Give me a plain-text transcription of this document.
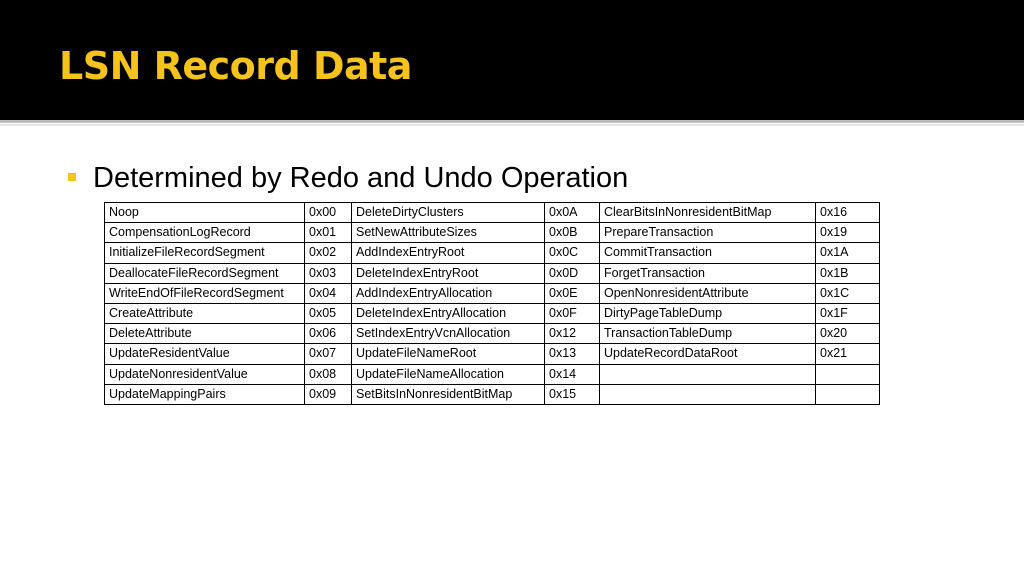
LSN Record Data
Determined by Redo and Undo Operation
Noop	0x00	DeleteDirtyClusters	0x0A	ClearBitsInNonresidentBitMap	0x16
CompensationLogRecord	0x01	SetNewAttributeSizes	0x0B	PrepareTransaction	0x19
InitializeFileRecordSegment	0x02	AddIndexEntryRoot	0x0C	CommitTransaction	0x1A
DeallocateFileRecordSegment	0x03	DeleteIndexEntryRoot	0x0D	ForgetTransaction	0x1B
WriteEndOfFileRecordSegment	0x04	AddIndexEntryAllocation	0x0E	OpenNonresidentAttribute	0x1C
CreateAttribute	0x05	DeleteIndexEntryAllocation	0x0F	DirtyPageTableDump	0x1F
DeleteAttribute	0x06	SetIndexEntryVcnAllocation	0x12	TransactionTableDump	0x20
UpdateResidentValue	0x07	UpdateFileNameRoot	0x13	UpdateRecordDataRoot	0x21
UpdateNonresidentValue	0x08	UpdateFileNameAllocation	0x14		
UpdateMappingPairs	0x09	SetBitsInNonresidentBitMap	0x15		
